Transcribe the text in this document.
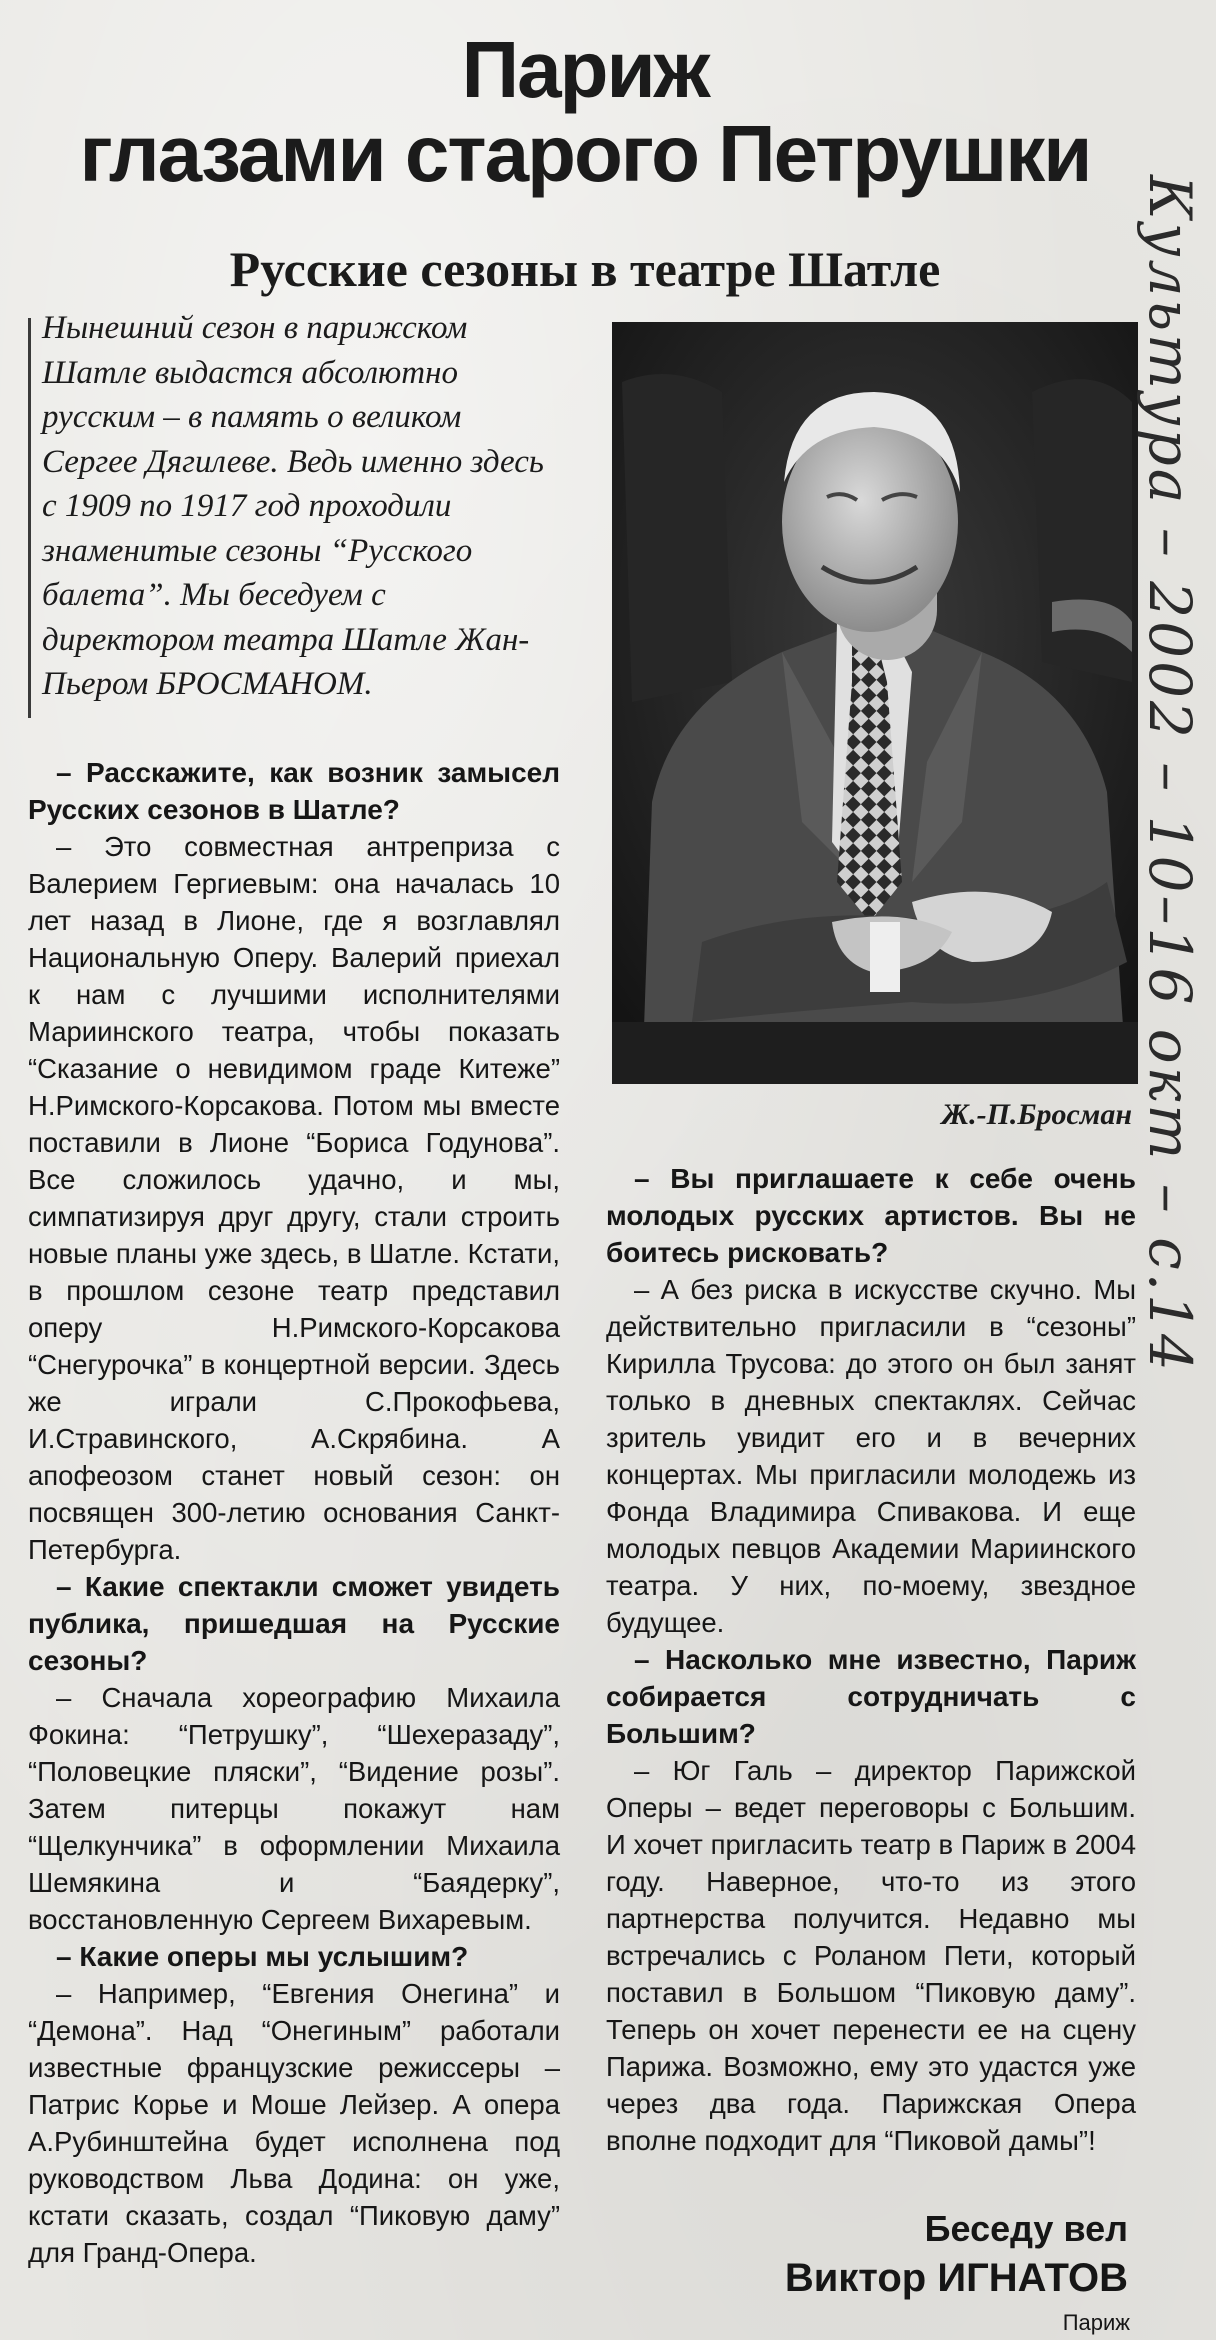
Париж
глазами старого Петрушки
Русские сезоны в театре Шатле

Нынешний сезон в парижском Шатле выдастся абсолютно русским – в память о великом Сергее Дягилеве. Ведь именно здесь с 1909 по 1917 год проходили знаменитые сезоны “Русского балета”. Мы беседуем с директором театра Шатле Жан-Пьером БРОСМАНОМ.

– Расскажите, как возник замысел Русских сезонов в Шатле?

– Это совместная антреприза с Валерием Гергиевым: она началась 10 лет назад в Лионе, где я возглавлял Национальную Оперу. Валерий приехал к нам с лучшими исполнителями Мариинского театра, чтобы показать “Сказание о невидимом граде Китеже” Н.Римского-Корсакова. Потом мы вместе поставили в Лионе “Бориса Годунова”. Все сложилось удачно, и мы, симпатизируя друг другу, стали строить новые планы уже здесь, в Шатле. Кстати, в прошлом сезоне театр представил оперу Н.Римского-Корсакова “Снегурочка” в концертной версии. Здесь же играли С.Прокофьева, И.Стравинского, А.Скрябина. А апофеозом станет новый сезон: он посвящен 300-летию основания Санкт-Петербурга.

– Какие спектакли сможет увидеть публика, пришедшая на Русские сезоны?

– Сначала хореографию Михаила Фокина: “Петрушку”, “Шехеразаду”, “Половецкие пляски”, “Видение розы”. Затем питерцы покажут нам “Щелкунчика” в оформлении Михаила Шемякина и “Баядерку”, восстановленную Сергеем Вихаревым.

– Какие оперы мы услышим?

– Например, “Евгения Онегина” и “Демона”. Над “Онегиным” работали известные французские режиссеры – Патрис Корье и Моше Лейзер. А опера А.Рубинштейна будет исполнена под руководством Льва Додина: он уже, кстати сказать, создал “Пиковую даму” для Гранд-Опера.

Ж.-П.Бросман

– Вы приглашаете к себе очень молодых русских артистов. Вы не боитесь рисковать?

– А без риска в искусстве скучно. Мы действительно пригласили в “сезоны” Кирилла Трусова: до этого он был занят только в дневных спектаклях. Сейчас зритель увидит его и в вечерних концертах. Мы пригласили молодежь из Фонда Владимира Спивакова. И еще молодых певцов Академии Мариинского театра. У них, по-моему, звездное будущее.

– Насколько мне известно, Париж собирается сотрудничать с Большим?

– Юг Галь – директор Парижской Оперы – ведет переговоры с Большим. И хочет пригласить театр в Париж в 2004 году. Наверное, что-то из этого партнерства получится. Недавно мы встречались с Роланом Пети, который поставил в Большом “Пиковую даму”. Теперь он хочет перенести ее на сцену Парижа. Возможно, ему это удастся уже через два года. Парижская Опера вполне подходит для “Пиковой дамы”!

Беседу вел

Виктор ИГНАТОВ

Париж

Культура – 2002 – 10–16 окт – с.14
